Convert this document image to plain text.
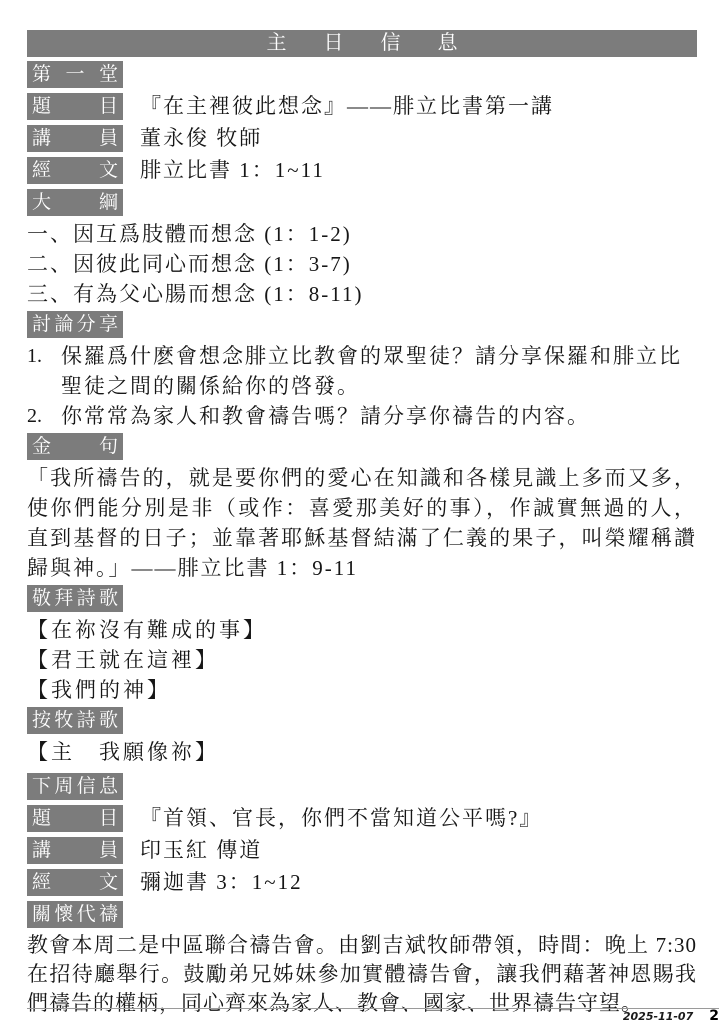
主 日 信 息
第 一 堂
題	目 『在主裡彼此想念』——腓立比書第一講
講	員 董永俊 牧師
經	文 腓立比書 1：1~11
大	綱
一、因互爲肢體而想念 (1：1-2)
二、因彼此同心而想念 (1：3-7)
三、有為父心腸而想念 (1：8-11)
討 論 分 享
1. 保羅爲什麽會想念腓立比教會的眾聖徒？請分享保羅和腓立比聖徒之間的關係給你的啓發。
2. 你常常為家人和教會禱告嗎？請分享你禱告的内容。
金	句
「我所禱告的，就是要你們的愛心在知識和各樣見識上多而又多，使你們能分別是非（或作：喜愛那美好的事），作誠實無過的人，直到基督的日子；並靠著耶穌基督結滿了仁義的果子，叫榮耀稱讚歸與神。」——腓立比書 1：9-11
敬 拜 詩 歌
【在祢沒有難成的事】
【君王就在這裡】
【我們的神】
按 牧 詩 歌
【主　我願像祢】
下 周 信 息
題	目 『首領、官長，你們不當知道公平嗎?』
講	員 印玉紅 傳道
經	文 彌迦書 3：1~12
關 懷 代 禱
教會本周二是中區聯合禱告會。由劉吉斌牧師帶領，時間：晚上 7:30 在招待廳舉行。鼓勵弟兄姊妹參加實體禱告會，讓我們藉著神恩賜我們禱告的權柄，同心齊來為家人、教會、國家、世界禱告守望。
2025-11-07 2
